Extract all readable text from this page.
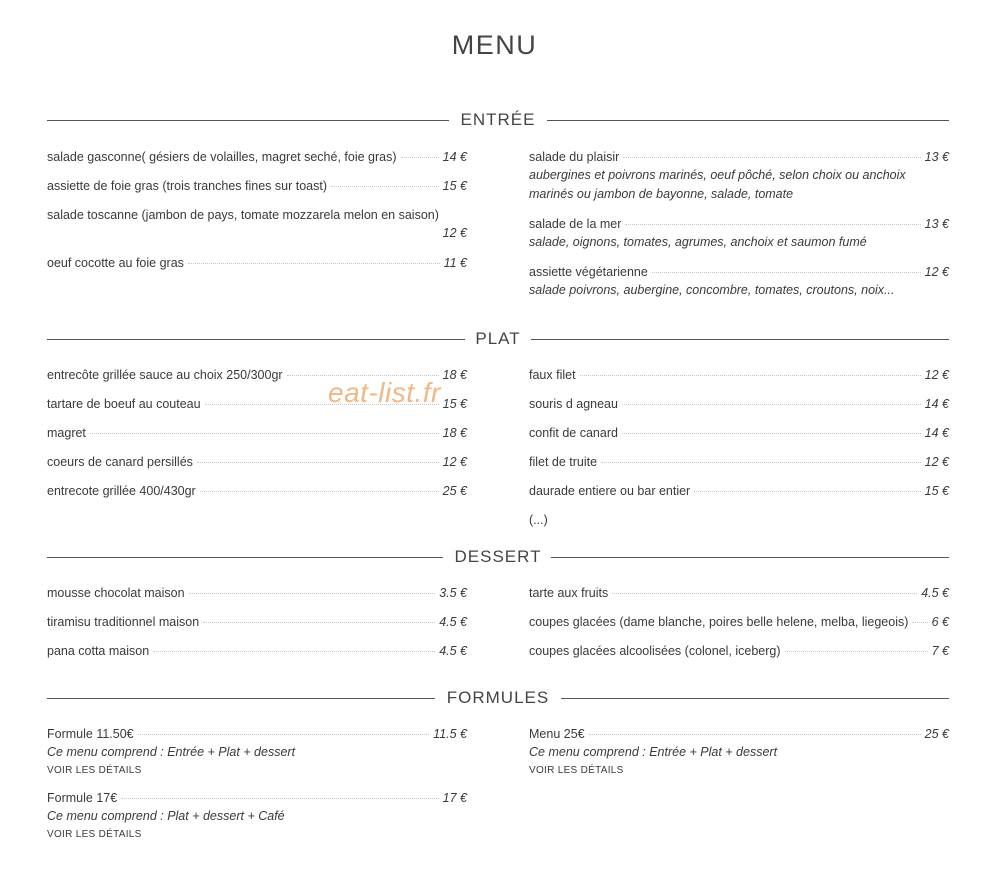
MENU
ENTRÉE
salade gasconne( gésiers de volailles, magret seché, foie gras)	14 €
assiette de foie gras (trois tranches fines sur toast)	15 €
salade toscanne (jambon de pays, tomate mozzarela melon en saison)
12 €
oeuf cocotte au foie gras	11 €
salade du plaisir	13 €
aubergines et poivrons marinés, oeuf pôché, selon choix ou anchoix marinés ou jambon de bayonne, salade, tomate
salade de la mer	13 €
salade, oignons, tomates, agrumes, anchoix et saumon fumé
assiette végétarienne	12 €
salade poivrons, aubergine, concombre, tomates, croutons, noix...
PLAT
entrecôte grillée sauce au choix 250/300gr	18 €
tartare de boeuf au couteau	15 €
magret	18 €
coeurs de canard persillés	12 €
entrecote grillée 400/430gr	25 €
faux filet	12 €
souris d agneau	14 €
confit de canard	14 €
filet de truite	12 €
daurade entiere ou bar entier	15 €
(...)
eat-list.fr
DESSERT
mousse chocolat maison	3.5 €
tiramisu traditionnel maison	4.5 €
pana cotta maison	4.5 €
tarte aux fruits	4.5 €
coupes glacées (dame blanche, poires belle helene, melba, liegeois) 6 €
coupes glacées alcoolisées (colonel, iceberg)	7 €
FORMULES
Formule 11.50€	11.5 €
Ce menu comprend : Entrée + Plat + dessert
VOIR LES DÉTAILS
Formule 17€	17 €
Ce menu comprend : Plat + dessert + Café
VOIR LES DÉTAILS
Menu 25€	25 €
Ce menu comprend : Entrée + Plat + dessert
VOIR LES DÉTAILS
